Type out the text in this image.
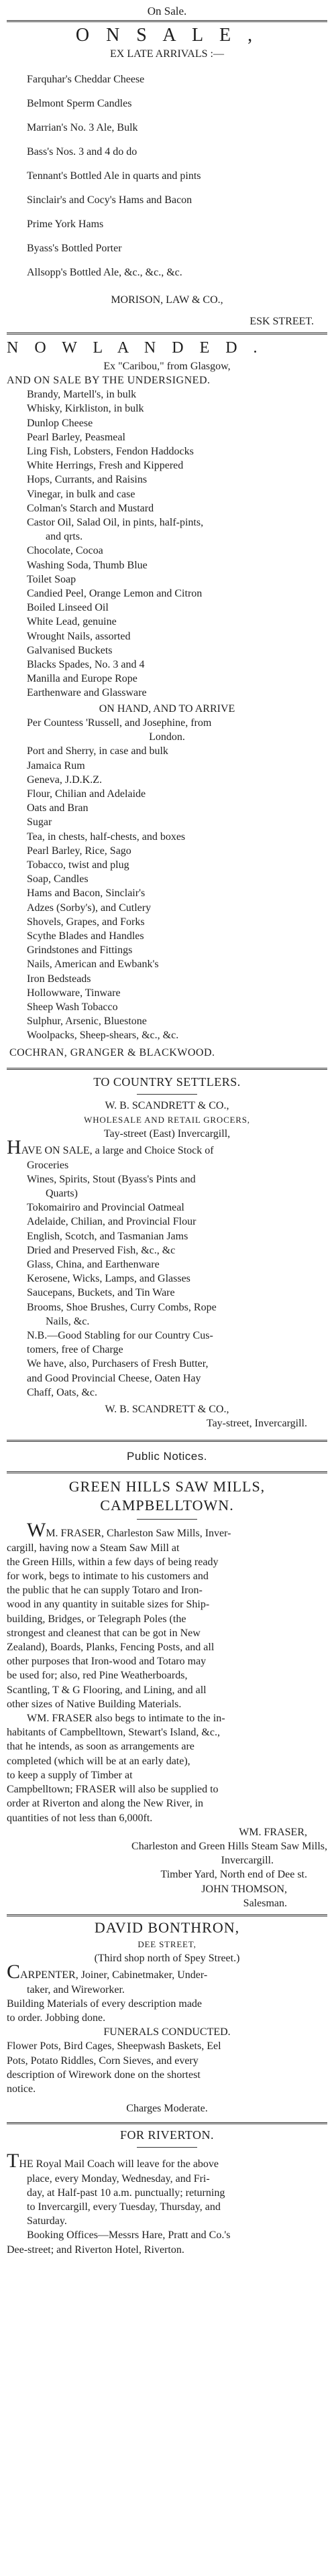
On Sale.
O N S A L E ,
EX LATE ARRIVALS :—
Farquhar's Cheddar Cheese
Belmont Sperm Candles
Marrian's No. 3 Ale, Bulk
Bass's Nos. 3 and 4 do do
Tennant's Bottled Ale in quarts and pints
Sinclair's and Cocy's Hams and Bacon
Prime York Hams
Byass's Bottled Porter
Allsopp's Bottled Ale, &c., &c., &c.
MORISON, LAW & CO.,
ESK STREET.
N O W L A N D E D .
Ex "Caribou," from Glasgow,
AND ON SALE BY THE UNDERSIGNED.
Brandy, Martell's, in bulk
Whisky, Kirkliston, in bulk
Dunlop Cheese
Pearl Barley, Peasmeal
Ling Fish, Lobsters, Fendon Haddocks
White Herrings, Fresh and Kippered
Hops, Currants, and Raisins
Vinegar, in bulk and case
Colman's Starch and Mustard
Castor Oil, Salad Oil, in pints, half-pints,
and qrts.
Chocolate, Cocoa
Washing Soda, Thumb Blue
Toilet Soap
Candied Peel, Orange Lemon and Citron
Boiled Linseed Oil
White Lead, genuine
Wrought Nails, assorted
Galvanised Buckets
Blacks Spades, No. 3 and 4
Manilla and Europe Rope
Earthenware and Glassware
ON HAND, AND TO ARRIVE
Per Countess 'Russell, and Josephine, from
London.
Port and Sherry, in case and bulk
Jamaica Rum
Geneva, J.D.K.Z.
Flour, Chilian and Adelaide
Oats and Bran
Sugar
Tea, in chests, half-chests, and boxes
Pearl Barley, Rice, Sago
Tobacco, twist and plug
Soap, Candles
Hams and Bacon, Sinclair's
Adzes (Sorby's), and Cutlery
Shovels, Grapes, and Forks
Scythe Blades and Handles
Grindstones and Fittings
Nails, American and Ewbank's
Iron Bedsteads
Hollowware, Tinware
Sheep Wash Tobacco
Sulphur, Arsenic, Bluestone
Woolpacks, Sheep-shears, &c., &c.
COCHRAN, GRANGER & BLACKWOOD.
TO COUNTRY SETTLERS.
W. B. SCANDRETT & CO.,
WHOLESALE AND RETAIL GROCERS,
Tay-street (East) Invercargill,
HAVE ON SALE, a large and Choice Stock of
Groceries
Wines, Spirits, Stout (Byass's Pints and
Quarts)
Tokomairiro and Provincial Oatmeal
Adelaide, Chilian, and Provincial Flour
English, Scotch, and Tasmanian Jams
Dried and Preserved Fish, &c., &c
Glass, China, and Earthenware
Kerosene, Wicks, Lamps, and Glasses
Saucepans, Buckets, and Tin Ware
Brooms, Shoe Brushes, Curry Combs, Rope
Nails, &c.
N.B.—Good Stabling for our Country Cus-
tomers, free of Charge
We have, also, Purchasers of Fresh Butter,
and Good Provincial Cheese, Oaten Hay
Chaff, Oats, &c.
W. B. SCANDRETT & CO.,
Tay-street, Invercargill.
Public Notices.
GREEN HILLS SAW MILLS,
CAMPBELLTOWN.
WM. FRASER, Charleston Saw Mills, Inver-
cargill, having now a Steam Saw Mill at
the Green Hills, within a few days of being ready
for work, begs to intimate to his customers and
the public that he can supply Totaro and Iron-
wood in any quantity in suitable sizes for Ship-
building, Bridges, or Telegraph Poles (the
strongest and cleanest that can be got in New
Zealand), Boards, Planks, Fencing Posts, and all
other purposes that Iron-wood and Totaro may
be used for; also, red Pine Weatherboards,
Scantling, T & G Flooring, and Lining, and all
other sizes of Native Building Materials.
WM. FRASER also begs to intimate to the in-
habitants of Campbelltown, Stewart's Island, &c.,
that he intends, as soon as arrangements are
completed (which will be at an early date),
to keep a supply of Timber at
Campbelltown; FRASER will also be supplied to
order at Riverton and along the New River, in
quantities of not less than 6,000ft.
WM. FRASER,
Charleston and Green Hills Steam Saw Mills,
Invercargill.
Timber Yard, North end of Dee st.
JOHN THOMSON,
Salesman.
DAVID BONTHRON,
DEE STREET,
(Third shop north of Spey Street.)
CARPENTER, Joiner, Cabinetmaker, Under-
taker, and Wireworker.
Building Materials of every description made
to order. Jobbing done.
FUNERALS CONDUCTED.
Flower Pots, Bird Cages, Sheepwash Baskets, Eel
Pots, Potato Riddles, Corn Sieves, and every
description of Wirework done on the shortest
notice.
Charges Moderate.
FOR RIVERTON.
THE Royal Mail Coach will leave for the above
place, every Monday, Wednesday, and Fri-
day, at Half-past 10 a.m. punctually; returning
to Invercargill, every Tuesday, Thursday, and
Saturday.
Booking Offices—Messrs Hare, Pratt and Co.'s
Dee-street; and Riverton Hotel, Riverton.
